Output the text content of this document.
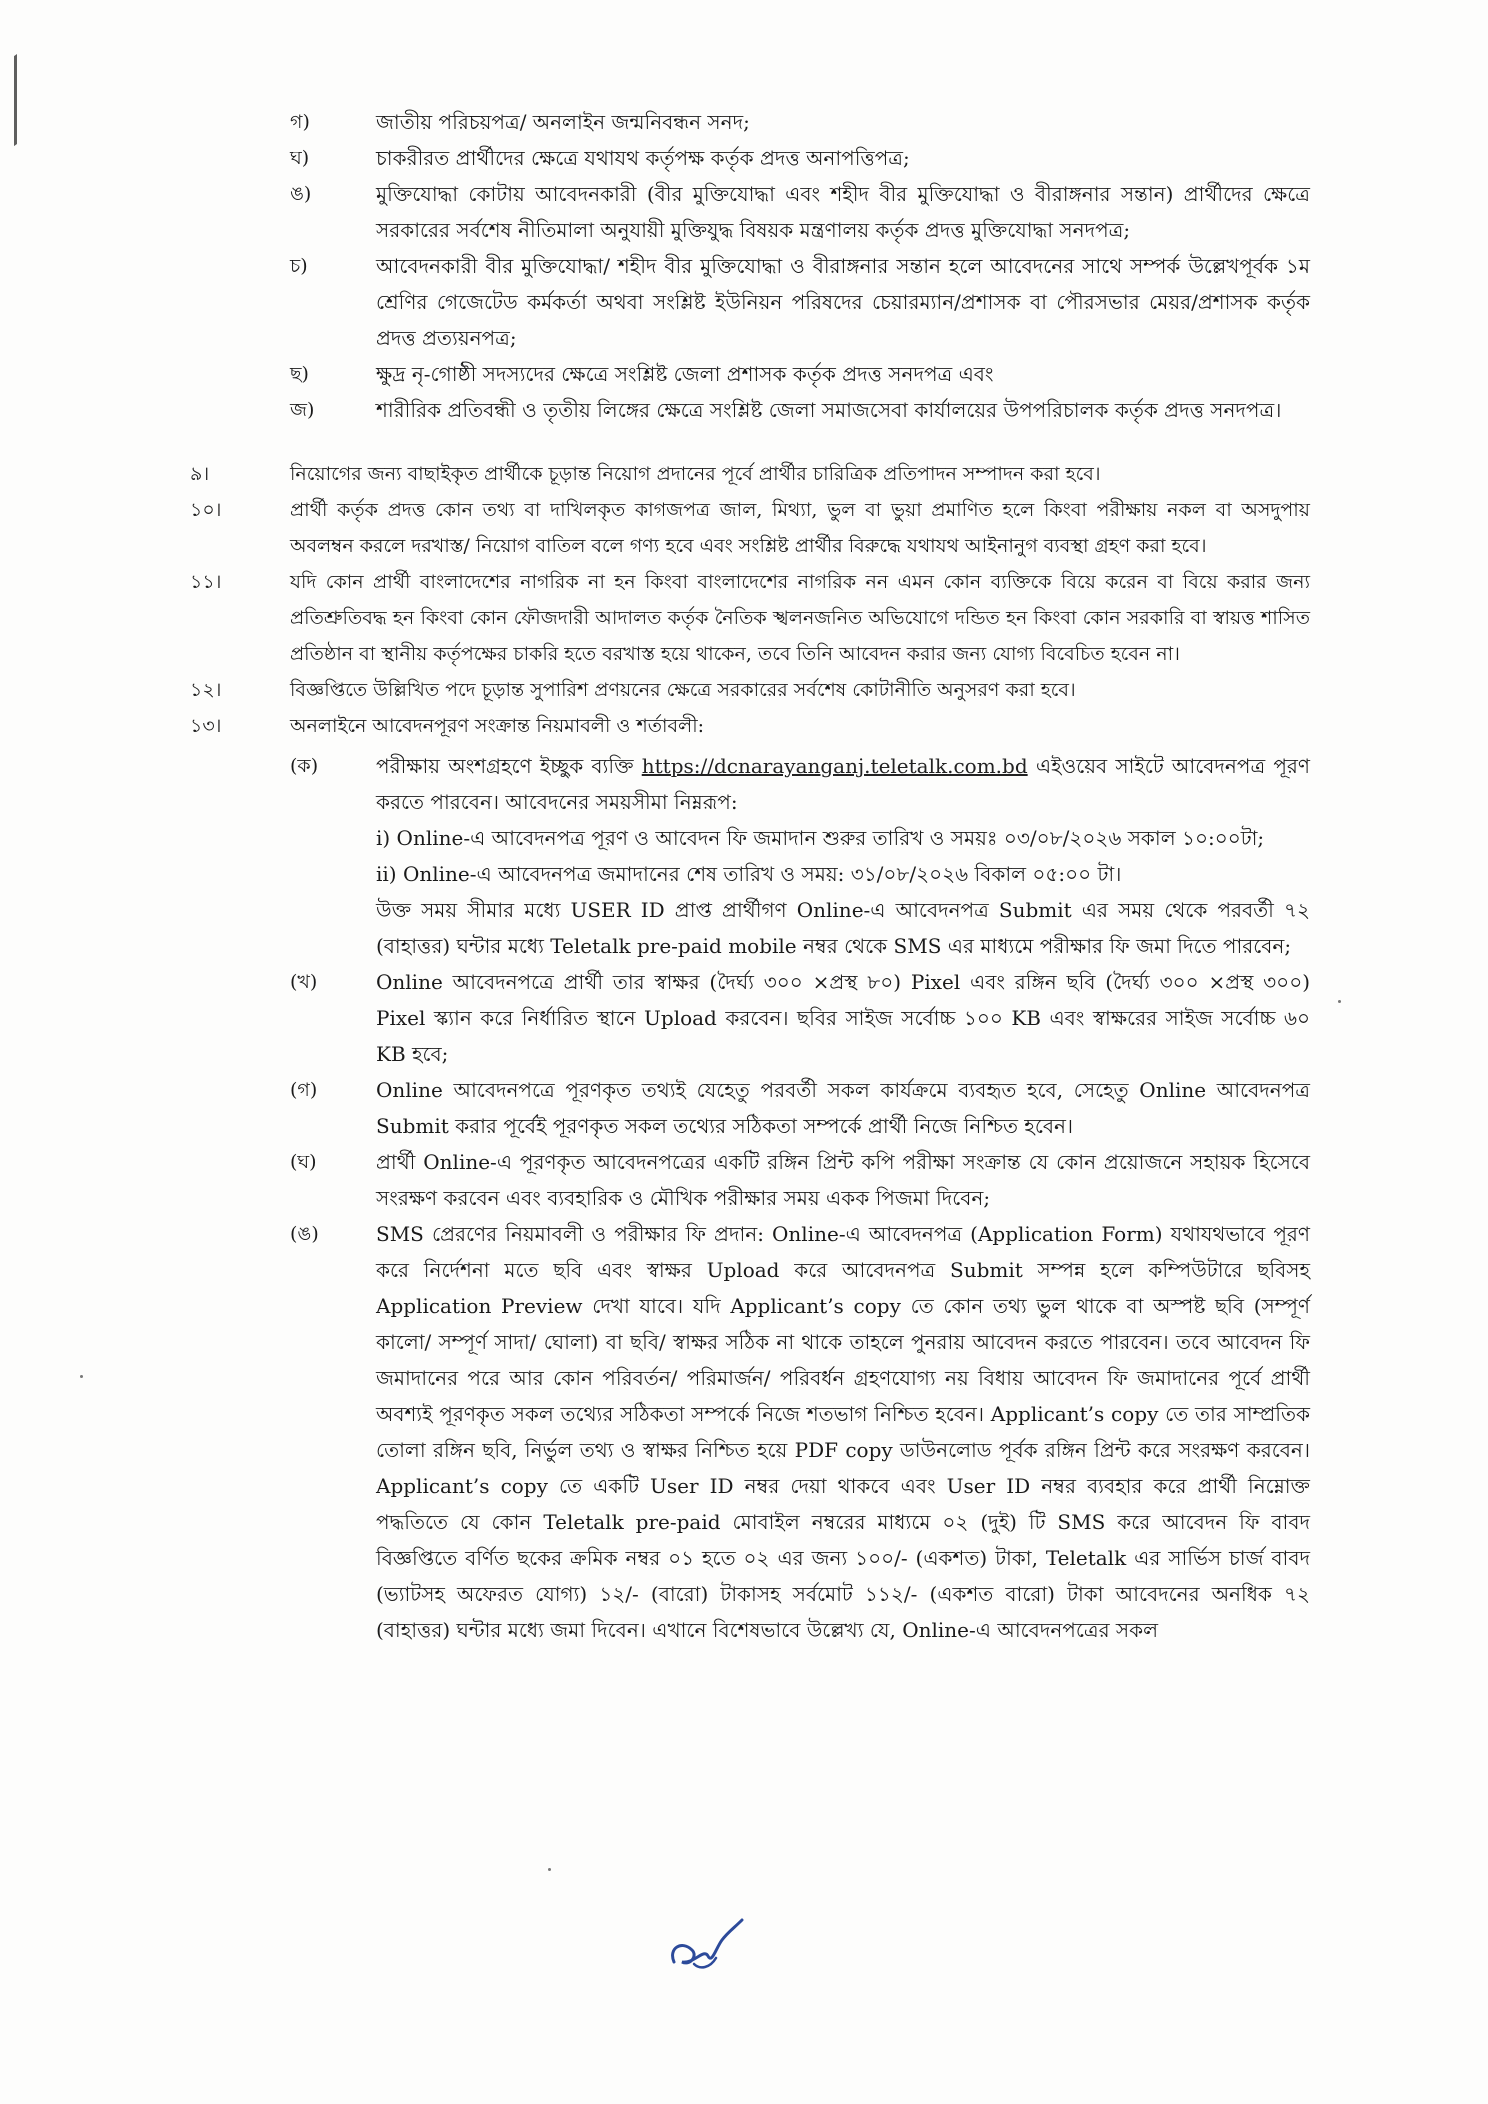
গ)	জাতীয় পরিচয়পত্র/ অনলাইন জন্মনিবন্ধন সনদ;
ঘ)	চাকরীরত প্রার্থীদের ক্ষেত্রে যথাযথ কর্তৃপক্ষ কর্তৃক প্রদত্ত অনাপত্তিপত্র;
ঙ)	মুক্তিযোদ্ধা কোটায় আবেদনকারী (বীর মুক্তিযোদ্ধা এবং শহীদ বীর মুক্তিযোদ্ধা ও বীরাঙ্গনার সন্তান) প্রার্থীদের ক্ষেত্রে সরকারের সর্বশেষ নীতিমালা অনুযায়ী মুক্তিযুদ্ধ বিষয়ক মন্ত্রণালয় কর্তৃক প্রদত্ত মুক্তিযোদ্ধা সনদপত্র;
চ)	আবেদনকারী বীর মুক্তিযোদ্ধা/ শহীদ বীর মুক্তিযোদ্ধা ও বীরাঙ্গনার সন্তান হলে আবেদনের সাথে সম্পর্ক উল্লেখপূর্বক ১ম শ্রেণির গেজেটেড কর্মকর্তা অথবা সংশ্লিষ্ট ইউনিয়ন পরিষদের চেয়ারম্যান/প্রশাসক বা পৌরসভার মেয়র/প্রশাসক কর্তৃক প্রদত্ত প্রত্যয়নপত্র;
ছ)	ক্ষুদ্র নৃ-গোষ্ঠী সদস্যদের ক্ষেত্রে সংশ্লিষ্ট জেলা প্রশাসক কর্তৃক প্রদত্ত সনদপত্র এবং
জ)	শারীরিক প্রতিবন্ধী ও তৃতীয় লিঙ্গের ক্ষেত্রে সংশ্লিষ্ট জেলা সমাজসেবা কার্যালয়ের উপপরিচালক কর্তৃক প্রদত্ত সনদপত্র।
৯।	নিয়োগের জন্য বাছাইকৃত প্রার্থীকে চূড়ান্ত নিয়োগ প্রদানের পূর্বে প্রার্থীর চারিত্রিক প্রতিপাদন সম্পাদন করা হবে।
১০।	প্রার্থী কর্তৃক প্রদত্ত কোন তথ্য বা দাখিলকৃত কাগজপত্র জাল, মিথ্যা, ভুল বা ভুয়া প্রমাণিত হলে কিংবা পরীক্ষায় নকল বা অসদুপায় অবলম্বন করলে দরখাস্ত/ নিয়োগ বাতিল বলে গণ্য হবে এবং সংশ্লিষ্ট প্রার্থীর বিরুদ্ধে যথাযথ আইনানুগ ব্যবস্থা গ্রহণ করা হবে।
১১।	যদি কোন প্রার্থী বাংলাদেশের নাগরিক না হন কিংবা বাংলাদেশের নাগরিক নন এমন কোন ব্যক্তিকে বিয়ে করেন বা বিয়ে করার জন্য প্রতিশ্রুতিবদ্ধ হন কিংবা কোন ফৌজদারী আদালত কর্তৃক নৈতিক স্খলনজনিত অভিযোগে দন্ডিত হন কিংবা কোন সরকারি বা স্বায়ত্ত শাসিত প্রতিষ্ঠান বা স্থানীয় কর্তৃপক্ষের চাকরি হতে বরখাস্ত হয়ে থাকেন, তবে তিনি আবেদন করার জন্য যোগ্য বিবেচিত হবেন না।
১২।	বিজ্ঞপ্তিতে উল্লিখিত পদে চূড়ান্ত সুপারিশ প্রণয়নের ক্ষেত্রে সরকারের সর্বশেষ কোটানীতি অনুসরণ করা হবে।
১৩।	অনলাইনে আবেদনপূরণ সংক্রান্ত নিয়মাবলী ও শর্তাবলী:
(ক)	পরীক্ষায় অংশগ্রহণে ইচ্ছুক ব্যক্তি https://dcnarayanganj.teletalk.com.bd এইওয়েব সাইটে আবেদনপত্র পূরণ করতে পারবেন। আবেদনের সময়সীমা নিম্নরূপ:
i) Online-এ আবেদনপত্র পূরণ ও আবেদন ফি জমাদান শুরুর তারিখ ও সময়ঃ ০৩/০৮/২০২৬ সকাল ১০:০০টা;
ii) Online-এ আবেদনপত্র জমাদানের শেষ তারিখ ও সময়: ৩১/০৮/২০২৬ বিকাল ০৫:০০ টা।
উক্ত সময় সীমার মধ্যে USER ID প্রাপ্ত প্রার্থীগণ Online-এ আবেদনপত্র Submit এর সময় থেকে পরবর্তী ৭২ (বাহাত্তর) ঘন্টার মধ্যে Teletalk pre-paid mobile নম্বর থেকে SMS এর মাধ্যমে পরীক্ষার ফি জমা দিতে পারবেন;
(খ)	Online আবেদনপত্রে প্রার্থী তার স্বাক্ষর (দৈর্ঘ্য ৩০০ ×প্রস্থ ৮০) Pixel এবং রঙ্গিন ছবি (দৈর্ঘ্য ৩০০ ×প্রস্থ ৩০০) Pixel স্ক্যান করে নির্ধারিত স্থানে Upload করবেন। ছবির সাইজ সর্বোচ্চ ১০০ KB এবং স্বাক্ষরের সাইজ সর্বোচ্চ ৬০ KB হবে;
(গ)	Online আবেদনপত্রে পূরণকৃত তথ্যই যেহেতু পরবর্তী সকল কার্যক্রমে ব্যবহৃত হবে, সেহেতু Online আবেদনপত্র Submit করার পূর্বেই পূরণকৃত সকল তথ্যের সঠিকতা সম্পর্কে প্রার্থী নিজে নিশ্চিত হবেন।
(ঘ)	প্রার্থী Online-এ পূরণকৃত আবেদনপত্রের একটি রঙ্গিন প্রিন্ট কপি পরীক্ষা সংক্রান্ত যে কোন প্রয়োজনে সহায়ক হিসেবে সংরক্ষণ করবেন এবং ব্যবহারিক ও মৌখিক পরীক্ষার সময় একক পিজমা দিবেন;
(ঙ)	SMS প্রেরণের নিয়মাবলী ও পরীক্ষার ফি প্রদান: Online-এ আবেদনপত্র (Application Form) যথাযথভাবে পূরণ করে নির্দেশনা মতে ছবি এবং স্বাক্ষর Upload করে আবেদনপত্র Submit সম্পন্ন হলে কম্পিউটারে ছবিসহ Application Preview দেখা যাবে। যদি Applicant’s copy তে কোন তথ্য ভুল থাকে বা অস্পষ্ট ছবি (সম্পূর্ণ কালো/ সম্পূর্ণ সাদা/ ঘোলা) বা ছবি/ স্বাক্ষর সঠিক না থাকে তাহলে পুনরায় আবেদন করতে পারবেন। তবে আবেদন ফি জমাদানের পরে আর কোন পরিবর্তন/ পরিমার্জন/ পরিবর্ধন গ্রহণযোগ্য নয় বিধায় আবেদন ফি জমাদানের পূর্বে প্রার্থী অবশ্যই পূরণকৃত সকল তথ্যের সঠিকতা সম্পর্কে নিজে শতভাগ নিশ্চিত হবেন। Applicant’s copy তে তার সাম্প্রতিক তোলা রঙ্গিন ছবি, নির্ভুল তথ্য ও স্বাক্ষর নিশ্চিত হয়ে PDF copy ডাউনলোড পূর্বক রঙ্গিন প্রিন্ট করে সংরক্ষণ করবেন। Applicant’s copy তে একটি User ID নম্বর দেয়া থাকবে এবং User ID নম্বর ব্যবহার করে প্রার্থী নিম্নোক্ত পদ্ধতিতে যে কোন Teletalk pre-paid মোবাইল নম্বরের মাধ্যমে ০২ (দুই) টি SMS করে আবেদন ফি বাবদ বিজ্ঞপ্তিতে বর্ণিত ছকের ক্রমিক নম্বর ০১ হতে ০২ এর জন্য ১০০/- (একশত) টাকা, Teletalk এর সার্ভিস চার্জ বাবদ (ভ্যাটসহ অফেরত যোগ্য) ১২/- (বারো) টাকাসহ সর্বমোট ১১২/- (একশত বারো) টাকা আবেদনের অনধিক ৭২ (বাহাত্তর) ঘন্টার মধ্যে জমা দিবেন। এখানে বিশেষভাবে উল্লেখ্য যে, Online-এ আবেদনপত্রের সকল
